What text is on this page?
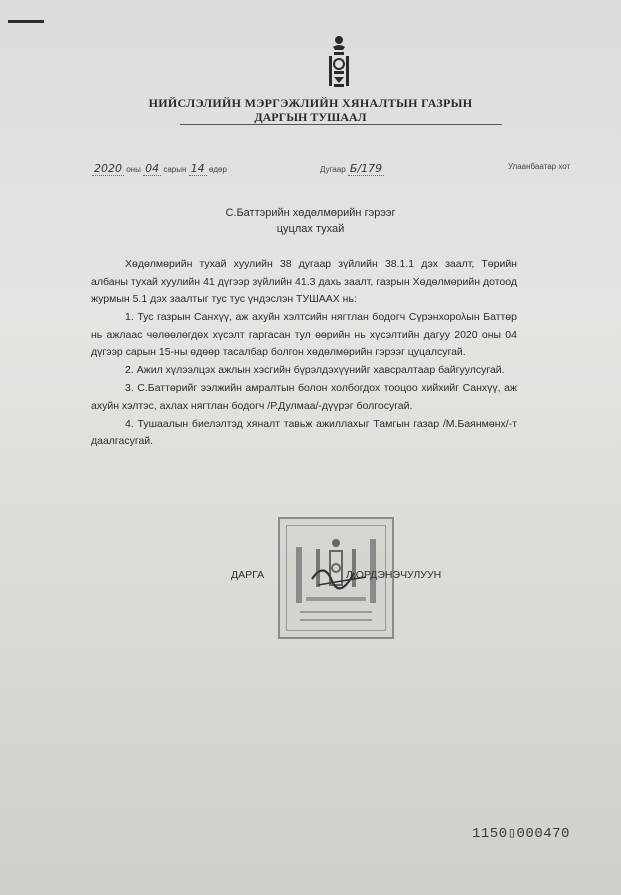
НИЙСЛЭЛИЙН МЭРГЭЖЛИЙН ХЯНАЛТЫН ГАЗРЫН
ДАРГЫН ТУШААЛ
2020 оны 04 сарын 14 өдөр	Дугаар Б/179	Улаанбаатар хот
С.Баттэрийн хөдөлмөрийн гэрээг
цуцлах тухай

Хөдөлмөрийн тухай хуулийн 38 дугаар зүйлийн 38.1.1 дэх заалт, Төрийн албаны тухай хуулийн 41 дүгээр зүйлийн 41.3 дахь заалт, газрын Хөдөлмөрийн дотоод журмын 5.1 дэх заалтыг тус тус үндэслэн ТУШААХ нь:

1. Тус газрын Санхүү, аж ахуйн хэлтсийн нягтлан бодогч Сүрэнхорολын Баттөр нь ажлаас чөлөөлөгдөх хүсэлт гаргасан тул өөрийн нь хүсэлтийн дагуу 2020 оны 04 дүгээр сарын 15-ны өдөөр тасалбар болгон хөдөлмөрийн гэрээг цуцалсугай.

2. Ажил хүлээлцэх ажлын хэсгийн бүрэлдэхүүнийг хавсралтаар байгуулсугай.

3. С.Баттөрийг ээлжийн амралтын болон холбогдох тооцоо хийхийг Санхүү, аж ахуйн хэлтэс, ахлах нягтлан бодогч /Р.Дулмаа/-дүүрэг болгосугай.

4. Тушаалын биелэлтэд хяналт тавьж ажиллахыг Тамгын газар /М.Баянмөнх/-т даалгасугай.

ДАРГА	Л.ОРДЭНЭЧУЛУУН
1150▯000470
